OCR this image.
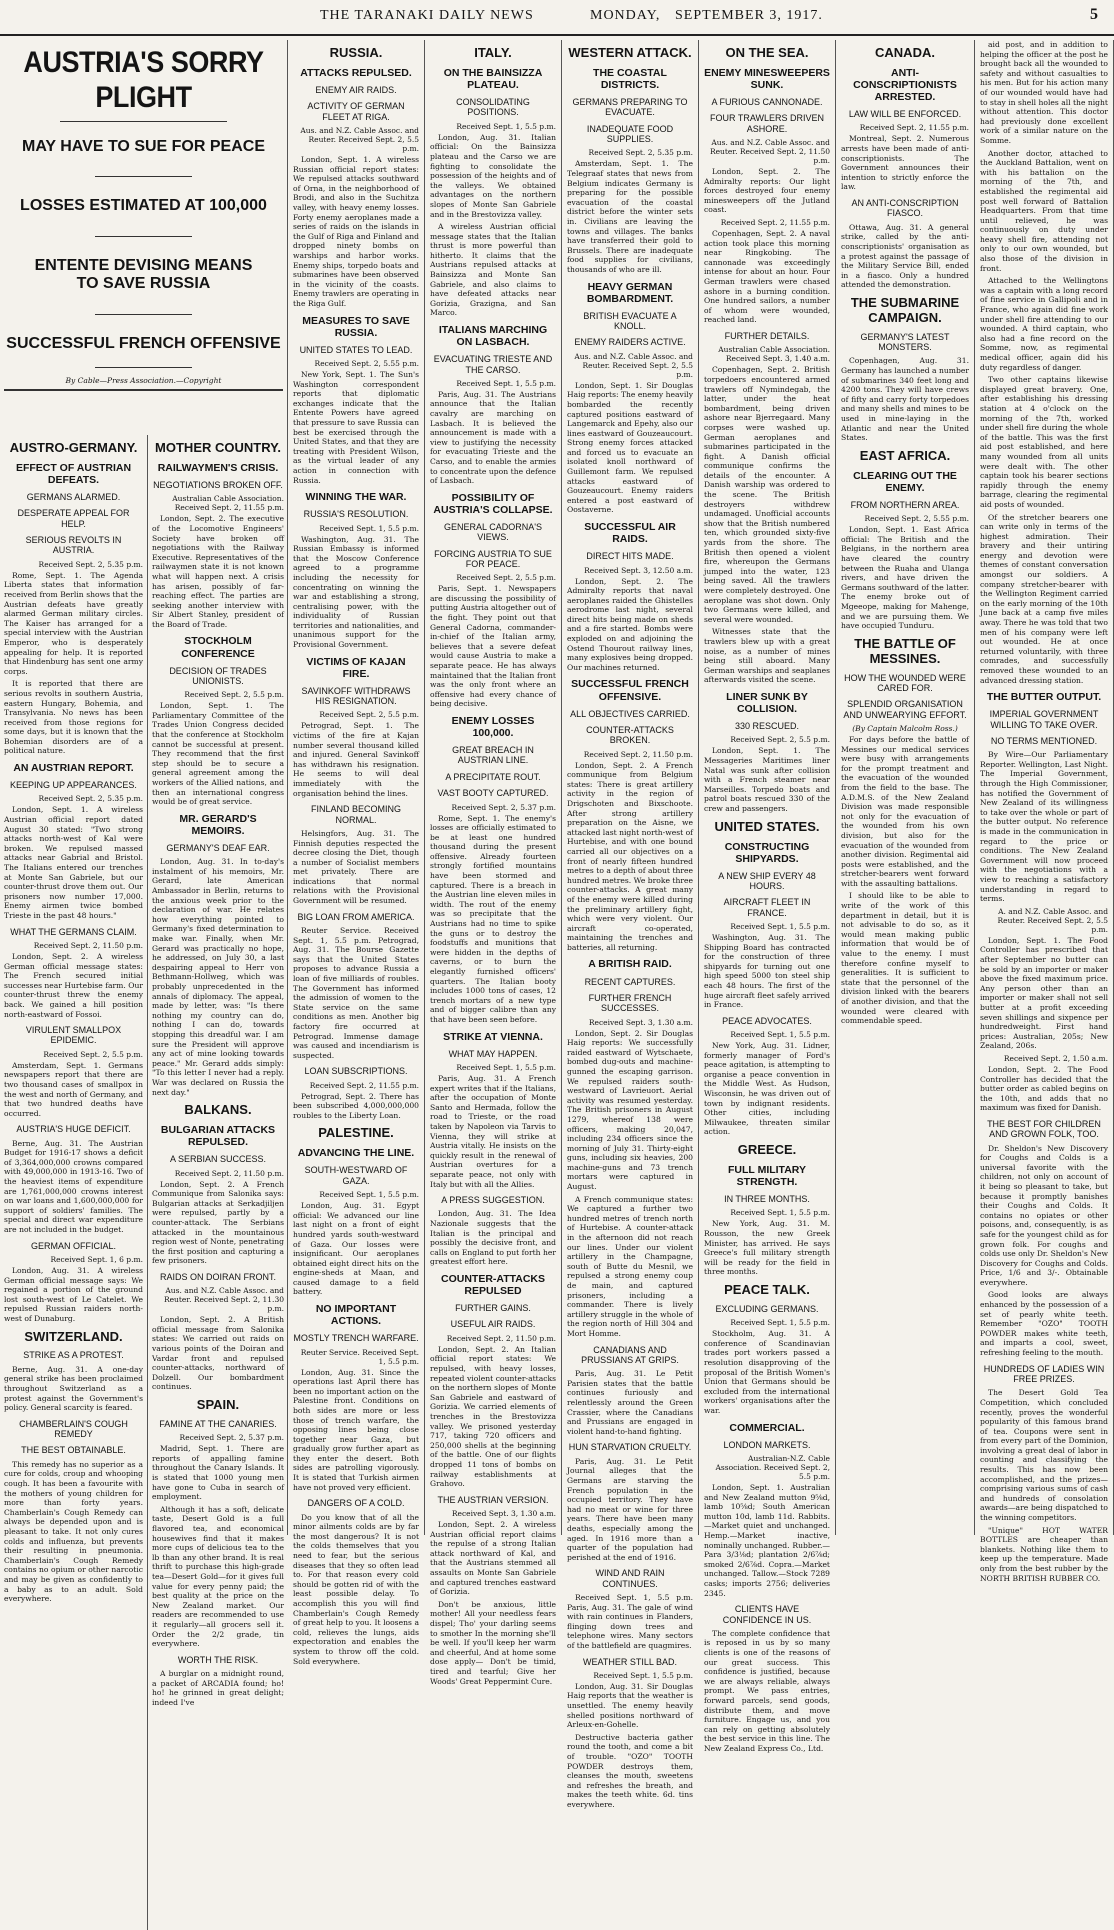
THE TARANAKI DAILY NEWS	MONDAY, SEPTEMBER 3, 1917.	5
AUSTRIA'S SORRY PLIGHT
MAY HAVE TO SUE FOR PEACE
LOSSES ESTIMATED AT 100,000
ENTENTE DEVISING MEANS TO SAVE RUSSIA
SUCCESSFUL FRENCH OFFENSIVE
By Cable—Press Association.—Copyright
AUSTRO-GERMANY.
EFFECT OF AUSTRIAN DEFEATS.
GERMANS ALARMED.
DESPERATE APPEAL FOR HELP.
SERIOUS REVOLTS IN AUSTRIA.
Received Sept. 2, 5.35 p.m.

Rome, Sept. 1. The Agenda Liberta states that information received from Berlin shows that the Austrian defeats have greatly alarmed German military circles. The Kaiser has arranged for a special interview with the Austrian Emperor, who is desperately appealing for help. It is reported that Hindenburg has sent one army corps.

It is reported that there are serious revolts in southern Austria, eastern Hungary, Bohemia, and Transylvania. No news has been received from those regions for some days, but it is known that the Bohemian disorders are of a political nature.

AN AUSTRIAN REPORT.
KEEPING UP APPEARANCES.
Received Sept. 2, 5.35 p.m.

London, Sept. 1. A wireless Austrian official report dated August 30 stated: "Two strong attacks north-west of Kal were broken. We repulsed massed attacks near Gabrial and Bristol. The Italians entered our trenches at Monte San Gabriele, but our counter-thrust drove them out. Our prisoners now number 17,000. Enemy airmen twice bombed Trieste in the past 48 hours."

WHAT THE GERMANS CLAIM.
Received Sept. 2, 11.50 p.m.

London, Sept. 2. A wireless German official message states: The French secured initial successes near Hurtebise farm. Our counter-thrust threw the enemy back. We gained a hill position north-eastward of Fossoi.

VIRULENT SMALLPOX EPIDEMIC.
Received Sept. 2, 5.5 p.m.

Amsterdam, Sept. 1. Germans newspapers report that there are two thousand cases of smallpox in the west and north of Germany, and that two hundred deaths have occurred.

AUSTRIA'S HUGE DEFICIT.

Berne, Aug. 31. The Austrian Budget for 1916-17 shows a deficit of 3,364,000,000 crowns compared with 49,000,000 in 1913-16. Two of the heaviest items of expenditure are 1,761,000,000 crowns interest on war loans and 1,600,000,000 for support of soldiers' families. The special and direct war expenditure are not included in the budget.

GERMAN OFFICIAL.
Received Sept. 1, 6 p.m.

London, Aug. 31. A wireless German official message says: We regained a portion of the ground lost south-west of Le Catelet. We repulsed Russian raiders north-west of Dunaburg.

SWITZERLAND.
STRIKE AS A PROTEST.

Berne, Aug. 31. A one-day general strike has been proclaimed throughout Switzerland as a protest against the Government's policy. General scarcity is feared.

CHAMBERLAIN'S COUGH REMEDY
THE BEST OBTAINABLE.

This remedy has no superior as a cure for colds, croup and whooping cough. It has been a favourite with the mothers of young children for more than forty years. Chamberlain's Cough Remedy can always be depended upon and is pleasant to take. It not only cures colds and influenza, but prevents their resulting in pneumonia. Chamberlain's Cough Remedy contains no opium or other narcotic and may be given as confidently to a baby as to an adult. Sold everywhere.

MOTHER COUNTRY.
RAILWAYMEN'S CRISIS.
NEGOTIATIONS BROKEN OFF.
Australian Cable Association. Received Sept. 2, 11.55 p.m.

London, Sept. 2. The executive of the Locomotive Engineers' Society have broken off negotiations with the Railway Executive. Representatives of the railwaymen state it is not known what will happen next. A crisis has arisen, possibly of far-reaching effect. The parties are seeking another interview with Sir Albert Stanley, president of the Board of Trade.

STOCKHOLM CONFERENCE
DECISION OF TRADES UNIONISTS.
Received Sept. 2, 5.5 p.m.

London, Sept. 1. The Parliamentary Committee of the Trades Union Congress decided that the conference at Stockholm cannot be successful at present. They recommend that the first step should be to secure a general agreement among the workers of the Allied nations, and then an international congress would be of great service.

MR. GERARD'S MEMOIRS.
GERMANY'S DEAF EAR.

London, Aug. 31. In to-day's instalment of his memoirs, Mr. Gerard, late American Ambassador in Berlin, returns to the anxious week prior to the declaration of war. He relates how everything pointed to Germany's fixed determination to make war. Finally, when Mr. Gerard was practically no hope, he addressed, on July 30, a last despairing appeal to Herr von Bethmann-Hollweg, which was probably unprecedented in the annals of diplomacy. The appeal, made by letter, was: "Is there nothing my country can do, nothing I can do, towards stopping this dreadful war. I am sure the President will approve any act of mine looking towards peace." Mr. Gerard adds simply: "To this letter I never had a reply. War was declared on Russia the next day."

BALKANS.
BULGARIAN ATTACKS REPULSED.
A SERBIAN SUCCESS.
Received Sept. 2, 11.50 p.m.

London, Sept. 2. A French Communique from Salonika says: Bulgarian attacks at Serkadjiljen were repulsed, partly by a counter-attack. The Serbians attacked in the mountainous region west of Nonte, penetrating the first position and capturing a few prisoners.

RAIDS ON DOIRAN FRONT.
Aus. and N.Z. Cable Assoc. and Reuter. Received Sept. 2, 11.30 p.m.

London, Sept. 2. A British official message from Salonika states: We carried out raids on various points of the Doiran and Vardar front and repulsed counter-attacks, northward of Dolzell. Our bombardment continues.

SPAIN.
FAMINE AT THE CANARIES.
Received Sept. 2, 5.37 p.m.

Madrid, Sept. 1. There are reports of appalling famine throughout the Canary Islands. It is stated that 1000 young men have gone to Cuba in search of employment.

Although it has a soft, delicate taste, Desert Gold is a full flavored tea, and economical housewives find that it makes more cups of delicious tea to the lb than any other brand. It is real thrift to purchase this high-grade tea—Desert Gold—for it gives full value for every penny paid; the best quality at the price on the New Zealand market. Our readers are recommended to use it regularly—all grocers sell it. Order the 2/2 grade, tin everywhere.

WORTH THE RISK.

A burglar on a midnight round, a packet of ARCADIA found; ho! ho! he grinned in great delight; indeed I've

RUSSIA.
ATTACKS REPULSED.
ENEMY AIR RAIDS.
ACTIVITY OF GERMAN FLEET AT RIGA.
Aus. and N.Z. Cable Assoc. and Reuter. Received Sept. 2, 5.5 p.m.

London, Sept. 1. A wireless Russian official report states: We repulsed attacks southward of Orna, in the neighborhood of Brodi, and also in the Suchitza valley, with heavy enemy losses. Forty enemy aeroplanes made a series of raids on the islands in the Gulf of Riga and Finland and dropped ninety bombs on warships and harbor works. Enemy ships, torpedo boats and submarines have been observed in the vicinity of the coasts. Enemy trawlers are operating in the Riga Gulf.

MEASURES TO SAVE RUSSIA.
UNITED STATES TO LEAD.
Received Sept. 2, 5.55 p.m.

New York, Sept. 1. The Sun's Washington correspondent reports that diplomatic exchanges indicate that the Entente Powers have agreed that pressure to save Russia can best be exercised through the United States, and that they are treating with President Wilson, as the virtual leader of any action in connection with Russia.

WINNING THE WAR.
RUSSIA'S RESOLUTION.
Received Sept. 1, 5.5 p.m.

Washington, Aug. 31. The Russian Embassy is informed that the Moscow Conference agreed to a programme including the necessity for concentrating on winning the war and establishing a strong, centralising power, with the individuality of Russian territories and nationalities, and unanimous support for the Provisional Government.

VICTIMS OF KAJAN FIRE.
SAVINKOFF WITHDRAWS HIS RESIGNATION.
Received Sept. 2, 5.5 p.m.

Petrograd, Sept. 1. The victims of the fire at Kajan number several thousand killed and injured. General Savinkoff has withdrawn his resignation. He seems to will deal immediately with the organisation behind the lines.

FINLAND BECOMING NORMAL.

Helsingfors, Aug. 31. The Finnish deputies respected the decree closing the Diet, though a number of Socialist members met privately. There are indications that normal relations with the Provisional Government will be resumed.

BIG LOAN FROM AMERICA.

Reuter Service. Received Sept. 1, 5.5 p.m. Petrograd, Aug. 31. The Bourse Gazette says that the United States proposes to advance Russia a loan of five milliards of roubles. The Government has informed the admission of women to the State service on the same conditions as men. Another big factory fire occurred at Petrograd. Immense damage was caused and incendiarism is suspected.

LOAN SUBSCRIPTIONS.
Received Sept. 2, 11.55 p.m.

Petrograd, Sept. 2. There has been subscribed 4,000,000,000 roubles to the Liberty Loan.

PALESTINE.
ADVANCING THE LINE.
SOUTH-WESTWARD OF GAZA.
Received Sept. 1, 5.5 p.m.

London, Aug. 31. Egypt official: We advanced our line last night on a front of eight hundred yards south-westward of Gaza. Our losses were insignificant. Our aeroplanes obtained eight direct hits on the engine-sheds at Maan, and caused damage to a field battery.

NO IMPORTANT ACTIONS.
MOSTLY TRENCH WARFARE.
Reuter Service. Received Sept. 1, 5.5 p.m.

London, Aug. 31. Since the operations last April there has been no important action on the Palestine front. Conditions on both sides are more or less those of trench warfare, the opposing lines being close together near Gaza, but gradually grow further apart as they enter the desert. Both sides are patrolling vigorously. It is stated that Turkish airmen have not proved very efficient.

DANGERS OF A COLD.

Do you know that of all the minor ailments colds are by far the most dangerous? It is not the colds themselves that you need to fear, but the serious diseases that they so often lead to. For that reason every cold should be gotten rid of with the least possible delay. To accomplish this you will find Chamberlain's Cough Remedy of great help to you. It loosens a cold, relieves the lungs, aids expectoration and enables the system to throw off the cold. Sold everywhere.

ITALY.
ON THE BAINSIZZA PLATEAU.
CONSOLIDATING POSITIONS.
Received Sept. 1, 5.5 p.m.

London, Aug. 31. Italian official: On the Bainsizza plateau and the Carso we are fighting to consolidate the possession of the heights and of the valleys. We obtained advantages on the northern slopes of Monte San Gabriele and in the Brestovizza valley.

A wireless Austrian official message states that the Italian thrust is more powerful than hitherto. It claims that the Austrians repulsed attacks at Bainsizza and Monte San Gabriele, and also claims to have defeated attacks near Gorizia, Grazigna, and San Marco.

ITALIANS MARCHING ON LASBACH.
EVACUATING TRIESTE AND THE CARSO.
Received Sept. 1, 5.5 p.m.

Paris, Aug. 31. The Austrians announce that the Italian cavalry are marching on Lasbach. It is believed the announcement is made with a view to justifying the necessity for evacuating Trieste and the Carso, and to enable the armies to concentrate upon the defence of Lasbach.

POSSIBILITY OF AUSTRIA'S COLLAPSE.
GENERAL CADORNA'S VIEWS.
FORCING AUSTRIA TO SUE FOR PEACE.
Received Sept. 2, 5.5 p.m.

Paris, Sept. 1. Newspapers are discussing the possibility of putting Austria altogether out of the fight. They point out that General Cadorna, commander-in-chief of the Italian army, believes that a severe defeat would cause Austria to make a separate peace. He has always maintained that the Italian front was the only front where an offensive had every chance of being decisive.

ENEMY LOSSES 100,000.
GREAT BREACH IN AUSTRIAN LINE.
A PRECIPITATE ROUT.
VAST BOOTY CAPTURED.
Received Sept. 2, 5.37 p.m.

Rome, Sept. 1. The enemy's losses are officially estimated to be at least one hundred thousand during the present offensive. Already fourteen strongly fortified mountains have been stormed and captured. There is a breach in the Austrian line eleven miles in width. The rout of the enemy was so precipitate that the Austrians had no time to spike the guns or to destroy the foodstuffs and munitions that were hidden in the depths of caverns, or to burn the elegantly furnished officers' quarters. The Italian booty includes 1000 tons of cases, 12 trench mortars of a new type and of bigger calibre than any that have been seen before.

STRIKE AT VIENNA.
WHAT MAY HAPPEN.
Received Sept. 1, 5.5 p.m.

Paris, Aug. 31. A French expert writes that if the Italians, after the occupation of Monte Santo and Hermada, follow the road to Trieste, or the road taken by Napoleon via Tarvis to Vienna, they will strike at Austria vitally. He insists on the quickly result in the renewal of Austrian overtures for a separate peace, not only with Italy but with all the Allies.

A PRESS SUGGESTION.

London, Aug. 31. The Idea Nazionale suggests that the Italian is the principal and possibly the decisive front, and calls on England to put forth her greatest effort here.

COUNTER-ATTACKS REPULSED
FURTHER GAINS.
USEFUL AIR RAIDS.
Received Sept. 2, 11.50 p.m.

London, Sept. 2. An Italian official report states: We repulsed, with heavy losses, repeated violent counter-attacks on the northern slopes of Monte San Gabriele and eastward of Gorizia. We carried elements of trenches in the Brestovizza valley. We prisoned yesterday 717, taking 720 officers and 250,000 shells at the beginning of the battle. One of our flights dropped 11 tons of bombs on railway establishments at Grahovo.

THE AUSTRIAN VERSION.
Received Sept. 3, 1.30 a.m.

London, Sept. 2. A wireless Austrian official report claims the repulse of a strong Italian attack northward of Kal, and that the Austrians stemmed all assaults on Monte San Gabriele and captured trenches eastward of Gorizia.

Don't be anxious, little mother! All your needless fears dispel; Tho' your darling seems to smother In the morning she'll be well. If you'll keep her warm and cheerful, And at home some dose apply— Don't be timid, tired and tearful; Give her Woods' Great Peppermint Cure.

WESTERN ATTACK.
THE COASTAL DISTRICTS.
GERMANS PREPARING TO EVACUATE.
INADEQUATE FOOD SUPPLIES.
Received Sept. 2, 5.35 p.m.

Amsterdam, Sept. 1. The Telegraaf states that news from Belgium indicates Germany is preparing for the possible evacuation of the coastal district before the winter sets in. Civilians are leaving the towns and villages. The banks have transferred their gold to Brussels. There are inadequate food supplies for civilians, thousands of who are ill.

HEAVY GERMAN BOMBARDMENT.
BRITISH EVACUATE A KNOLL.
ENEMY RAIDERS ACTIVE.
Aus. and N.Z. Cable Assoc. and Reuter. Received Sept. 2, 5.5 p.m.

London, Sept. 1. Sir Douglas Haig reports: The enemy heavily bombarded the recently captured positions eastward of Langemarck and Epehy, also our lines eastward of Gouzeaucourt. Strong enemy forces attacked and forced us to evacuate an isolated knoll northward of Guillemont farm. We repulsed attacks eastward of Gouzeaucourt. Enemy raiders entered a post eastward of Oostaverne.

SUCCESSFUL AIR RAIDS.
DIRECT HITS MADE.
Received Sept. 3, 12.50 a.m.

London, Sept. 2. The Admiralty reports that naval aeroplanes raided the Ghistelles aerodrome last night, several direct hits being made on sheds and a fire started. Bombs were exploded on and adjoining the Ostend Thourout railway lines, many explosives being dropped. Our machines returned.

SUCCESSFUL FRENCH OFFENSIVE.
ALL OBJECTIVES CARRIED.
COUNTER-ATTACKS BROKEN.
Received Sept. 2, 11.50 p.m.

London, Sept. 2. A French communique from Belgium states: There is great artillery activity in the region of Drigschoten and Bixschoote. After strong artillery preparation on the Aisne, we attacked last night north-west of Hurtebise, and with one bound carried all our objectives on a front of nearly fifteen hundred metres to a depth of about three hundred metres. We broke three counter-attacks. A great many of the enemy were killed during the preliminary artillery fight, which were very violent. Our aircraft co-operated, maintaining the trenches and batteries, all returning.

A BRITISH RAID.
RECENT CAPTURES.
FURTHER FRENCH SUCCESSES.
Received Sept. 3, 1.30 a.m.

London, Sept. 2. Sir Douglas Haig reports: We successfully raided eastward of Wytschaete, bombed dug-outs and machine-gunned the escaping garrison. We repulsed raiders south-westward of Lavrieuort. Aerial activity was resumed yesterday. The British prisoners in August 1279, whereof 138 were officers, making 20,047, including 234 officers since the morning of July 31. Thirty-eight guns, including six heavies, 200 machine-guns and 73 trench mortars were captured in August.

A French communique states: We captured a further two hundred metres of trench north of Hurtebise. A counter-attack in the afternoon did not reach our lines. Under our violent artillery in the Champagne, south of Butte du Mesnil, we repulsed a strong enemy coup de main, and captured prisoners, including a commander. There is lively artillery struggle in the whole of the region north of Hill 304 and Mort Homme.

CANADIANS AND PRUSSIANS AT GRIPS.

Paris, Aug. 31. Le Petit Parisien states that the battle continues furiously and relentlessly around the Green Crassier, where the Canadians and Prussians are engaged in violent hand-to-hand fighting.

HUN STARVATION CRUELTY.

Paris, Aug. 31. Le Petit Journal alleges that the Germans are starving the French population in the occupied territory. They have had no meat or wine for three years. There have been many deaths, especially among the aged. In 1916 more than a quarter of the population had perished at the end of 1916.

WIND AND RAIN CONTINUES.

Received Sept. 1, 5.5 p.m. Paris, Aug. 31. The gale of wind with rain continues in Flanders, flinging down trees and telephone wires. Many sectors of the battlefield are quagmires.

WEATHER STILL BAD.
Received Sept. 1, 5.5 p.m.

London, Aug. 31. Sir Douglas Haig reports that the weather is unsettled. The enemy heavily shelled positions northward of Arleux-en-Gohelle.

Destructive bacteria gather round the tooth, and come a bit of trouble. "OZO" TOOTH POWDER destroys them, cleanses the mouth, sweetens and refreshes the breath, and makes the teeth white. 6d. tins everywhere.

ON THE SEA.
ENEMY MINESWEEPERS SUNK.
A FURIOUS CANNONADE.
FOUR TRAWLERS DRIVEN ASHORE.
Aus. and N.Z. Cable Assoc. and Reuter. Received Sept. 2, 11.50 p.m.

London, Sept. 2. The Admiralty reports: Our light forces destroyed four enemy minesweepers off the Jutland coast.

Received Sept. 2, 11.55 p.m.

Copenhagen, Sept. 2. A naval action took place this morning near Ringkobing. The cannonade was exceedingly intense for about an hour. Four German trawlers were chased ashore in a burning condition. One hundred sailors, a number of whom were wounded, reached land.

FURTHER DETAILS.
Australian Cable Association. Received Sept. 3, 1.40 a.m.

Copenhagen, Sept. 2. British torpedoers encountered armed trawlers off Nymindegab, the latter, under the heat bombardment, being driven ashore near Bjerregaard. Many corpses were washed up. German aeroplanes and submarines participated in the fight. A Danish official communique confirms the details of the encounter. A Danish warship was ordered to the scene. The British destroyers withdrew undamaged. Unofficial accounts show that the British numbered ten, which grounded sixty-five yards from the shore. The British then opened a violent fire, whereupon the Germans jumped into the water, 123 being saved. All the trawlers were completely destroyed. One aeroplane was shot down. Only two Germans were killed, and several were wounded.

Witnesses state that the trawlers blew up with a great noise, as a number of mines being still aboard. Many German warships and seaplanes afterwards visited the scene.

LINER SUNK BY COLLISION.
330 RESCUED.
Received Sept. 2, 5.5 p.m.

London, Sept. 1. The Messageries Maritimes liner Natal was sunk after collision with a French steamer near Marseilles. Torpedo boats and patrol boats rescued 330 of the crew and passengers.

UNITED STATES.
CONSTRUCTING SHIPYARDS.
A NEW SHIP EVERY 48 HOURS.
AIRCRAFT FLEET IN FRANCE.
Received Sept. 1, 5.5 p.m.

Washington, Aug. 31. The Shipping Board has contracted for the construction of three shipyards for turning out one high speed 5000 ton steel ship each 48 hours. The first of the huge aircraft fleet safely arrived in France.

PEACE ADVOCATES.
Received Sept. 1, 5.5 p.m.

New York, Aug. 31. Lidner, formerly manager of Ford's peace agitation, is attempting to organise a peace convention in the Middle West. As Hudson, Wisconsin, he was driven out of town by indignant residents. Other cities, including Milwaukee, threaten similar action.

GREECE.
FULL MILITARY STRENGTH.
IN THREE MONTHS.
Received Sept. 1, 5.5 p.m.

New York, Aug. 31. M. Rousson, the new Greek Minister, has arrived. He says Greece's full military strength will be ready for the field in three months.

PEACE TALK.
EXCLUDING GERMANS.
Received Sept. 1, 5.5 p.m.

Stockholm, Aug. 31. A conference of Scandinavian trades port workers passed a resolution disapproving of the proposal of the British Women's Union that Germans should be excluded from the international workers' organisations after the war.

COMMERCIAL.
LONDON MARKETS.
Australian-N.Z. Cable Association. Received Sept. 2, 5.5 p.m.

London, Sept. 1. Australian and New Zealand mutton 9⅝d, lamb 10⅝d; South American mutton 10d, lamb 11d. Rabbits.—Market quiet and unchanged. Hemp.—Market inactive, nominally unchanged. Rubber.—Para 3/3⅛d; plantation 2/6⅞d; smoked 2/6⅞d. Copra.—Market unchanged. Tallow.—Stock 7289 casks; imports 2756; deliveries 2345.

CLIENTS HAVE CONFIDENCE IN US.

The complete confidence that is reposed in us by so many clients is one of the reasons of our great success. This confidence is justified, because we are always reliable, always prompt. We pass entries, forward parcels, send goods, distribute them, and move furniture. Engage us, and you can rely on getting absolutely the best service in this line. The New Zealand Express Co., Ltd.

CANADA.
ANTI-CONSCRIPTIONISTS ARRESTED.
LAW WILL BE ENFORCED.
Received Sept. 2, 11.55 p.m.

Montreal, Sept. 2. Numerous arrests have been made of anti-conscriptionists. The Government announces their intention to strictly enforce the law.

AN ANTI-CONSCRIPTION FIASCO.

Ottawa, Aug. 31. A general strike, called by the anti-conscriptionists' organisation as a protest against the passage of the Military Service Bill, ended in a fiasco. Only a hundred attended the demonstration.

THE SUBMARINE CAMPAIGN.
GERMANY'S LATEST MONSTERS.

Copenhagen, Aug. 31. Germany has launched a number of submarines 340 feet long and 4200 tons. They will have crews of fifty and carry forty torpedoes and many shells and mines to be used in mine-laying in the Atlantic and near the United States.

EAST AFRICA.
CLEARING OUT THE ENEMY.
FROM NORTHERN AREA.
Received Sept. 2, 5.55 p.m.

London, Sept. 1. East Africa official: The British and the Belgians, in the northern area have cleared the country between the Ruaha and Ulanga rivers, and have driven the Germans southward of the latter. The enemy broke out of Mgeeope, making for Mahenge, and we are pursuing them. We have occupied Tunduru.

THE BATTLE OF MESSINES.
HOW THE WOUNDED WERE CARED FOR.
SPLENDID ORGANISATION AND UNWEARYING EFFORT.
(By Captain Malcolm Ross.)

For days before the battle of Messines our medical services were busy with arrangements for the prompt treatment and the evacuation of the wounded from the field to the base. The A.D.M.S. of the New Zealand Division was made responsible not only for the evacuation of the wounded from his own division, but also for the evacuation of the wounded from another division. Regimental aid posts were established, and the stretcher-bearers went forward with the assaulting battalions.

I should like to be able to write of the work of this department in detail, but it is not advisable to do so, as it would mean making public information that would be of value to the enemy. I must therefore confine myself to generalities. It is sufficient to state that the personnel of the division linked with the bearers of another division, and that the wounded were cleared with commendable speed.

aid post, and in addition to helping the officer at the post he brought back all the wounded to safety and without casualties to his men. But for his action many of our wounded would have had to stay in shell holes all the night without attention. This doctor had previously done excellent work of a similar nature on the Somme.

Another doctor, attached to the Auckland Battalion, went on with his battalion on the morning of the 7th, and established the regimental aid post well forward of Battalion Headquarters. From that time until relieved, he was continuously on duty under heavy shell fire, attending not only to our own wounded, but also those of the division in front.

Attached to the Wellingtons was a captain with a long record of fine service in Gallipoli and in France, who again did fine work under shell fire attending to our wounded. A third captain, who also had a fine record on the Somme, now, as regimental medical officer, again did his duty regardless of danger.

Two other captains likewise displayed great bravery. One, after establishing his dressing station at 4 o'clock on the morning of the 7th, worked under shell fire during the whole of the battle. This was the first aid post established, and here many wounded from all units were dealt with. The other captain took his bearer sections rapidly through the enemy barrage, clearing the regimental aid posts of wounded.

Of the stretcher bearers one can write only in terms of the highest admiration. Their bravery and their untiring energy and devotion were themes of constant conversation amongst our soldiers. A company stretcher-bearer with the Wellington Regiment carried on the early morning of the 10th June back at a camp five miles away. There he was told that two men of his company were left out wounded. He at once returned voluntarily, with three comrades, and successfully removed these wounded to an advanced dressing station.

THE BUTTER OUTPUT.
IMPERIAL GOVERNMENT WILLING TO TAKE OVER.
NO TERMS MENTIONED.

By Wire—Our Parliamentary Reporter. Wellington, Last Night. The Imperial Government, through the High Commissioner, has notified the Government of New Zealand of its willingness to take over the whole or part of the butter output. No reference is made in the communication in regard to the price or conditions. The New Zealand Government will now proceed with the negotiations with a view to reaching a satisfactory understanding in regard to terms.

A. and N.Z. Cable Assoc. and Reuter. Received Sept. 2, 5.5 p.m.

London, Sept. 1. The Food Controller has prescribed that after September no butter can be sold by an importer or maker above the fixed maximum price. Any person other than an importer or maker shall not sell butter at a profit exceeding seven shillings and sixpence per hundredweight. First hand prices: Australian, 205s; New Zealand, 206s.

Received Sept. 2, 1.50 a.m.

London, Sept. 2. The Food Controller has decided that the butter order as cabled begins on the 10th, and adds that no maximum was fixed for Danish.

THE BEST FOR CHILDREN AND GROWN FOLK, TOO.

Dr. Sheldon's New Discovery for Coughs and Colds is a universal favorite with the children, not only on account of it being so pleasant to take, but because it promptly banishes their Coughs and Colds. It contains no opiates or other poisons, and, consequently, is as safe for the youngest child as for grown folk. For coughs and colds use only Dr. Sheldon's New Discovery for Coughs and Colds. Price, 1/6 and 3/-. Obtainable everywhere.

Good looks are always enhanced by the possession of a set of pearly white teeth. Remember "OZO" TOOTH POWDER makes white teeth, and imparts a cool, sweet, refreshing feeling to the mouth.

HUNDREDS OF LADIES WIN FREE PRIZES.

The Desert Gold Tea Competition, which concluded recently, proves the wonderful popularity of this famous brand of tea. Coupons were sent in from every part of the Dominion, involving a great deal of labor in counting and classifying the results. This has now been accomplished, and the prizes—comprising various sums of cash and hundreds of consolation awards—are being dispatched to the winning competitors.

"Unique" HOT WATER BOTTLES are cheaper than blankets. Nothing like them to keep up the temperature. Made only from the best rubber by the NORTH BRITISH RUBBER CO.
